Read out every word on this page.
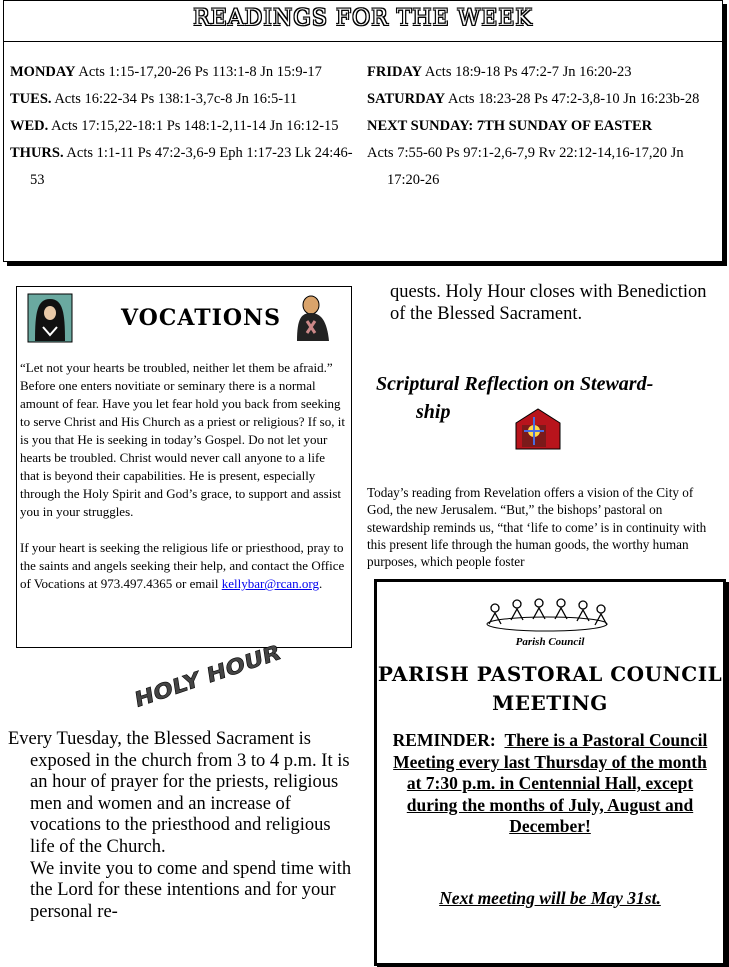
READINGS FOR THE WEEK

MONDAY Acts 1:15-17,20-26 Ps 113:1-8 Jn 15:9-17

TUES. Acts 16:22-34 Ps 138:1-3,7c-8 Jn 16:5-11

WED. Acts 17:15,22-18:1 Ps 148:1-2,11-14 Jn 16:12-15

THURS. Acts 1:1-11 Ps 47:2-3,6-9 Eph 1:17-23 Lk 24:46-53

FRIDAY Acts 18:9-18 Ps 47:2-7 Jn 16:20-23

SATURDAY Acts 18:23-28 Ps 47:2-3,8-10 Jn 16:23b-28

NEXT SUNDAY: 7TH SUNDAY OF EASTER

Acts 7:55-60 Ps 97:1-2,6-7,9 Rv 22:12-14,16-17,20 Jn 17:20-26

VOCATIONS

“Let not your hearts be troubled, neither let them be afraid.” Before one enters novitiate or seminary there is a normal amount of fear. Have you let fear hold you back from seeking to serve Christ and His Church as a priest or religious? If so, it is you that He is seeking in today’s Gospel. Do not let your hearts be troubled. Christ would never call anyone to a life that is beyond their capabilities. He is present, especially through the Holy Spirit and God’s grace, to support and assist you in your struggles.

If your heart is seeking the religious life or priesthood, pray to the saints and angels seeking their help, and contact the Office of Vocations at 973.497.4365 or email kellybar@rcan.org.

HOLY HOUR

Every Tuesday, the Blessed Sacrament is exposed in the church from 3 to 4 p.m. It is an hour of prayer for the priests, religious men and women and an increase of vocations to the priesthood and religious life of the Church.

We invite you to come and spend time with the Lord for these intentions and for your personal re-
quests. Holy Hour closes with Benediction of the Blessed Sacrament.
Scriptural Reflection on Steward-
ship
Today’s reading from Revelation offers a vision of the City of God, the new Jerusalem. “But,” the bishops’ pastoral on stewardship reminds us, “that ‘life to come’ is in continuity with this present life through the human goods, the worthy human purposes, which people foster
Parish Council
PARISH PASTORAL COUNCIL MEETING
REMINDER: There is a Pastoral Council Meeting every last Thursday of the month at 7:30 p.m. in Centennial Hall, except during the months of July, August and December!
Next meeting will be May 31st.
